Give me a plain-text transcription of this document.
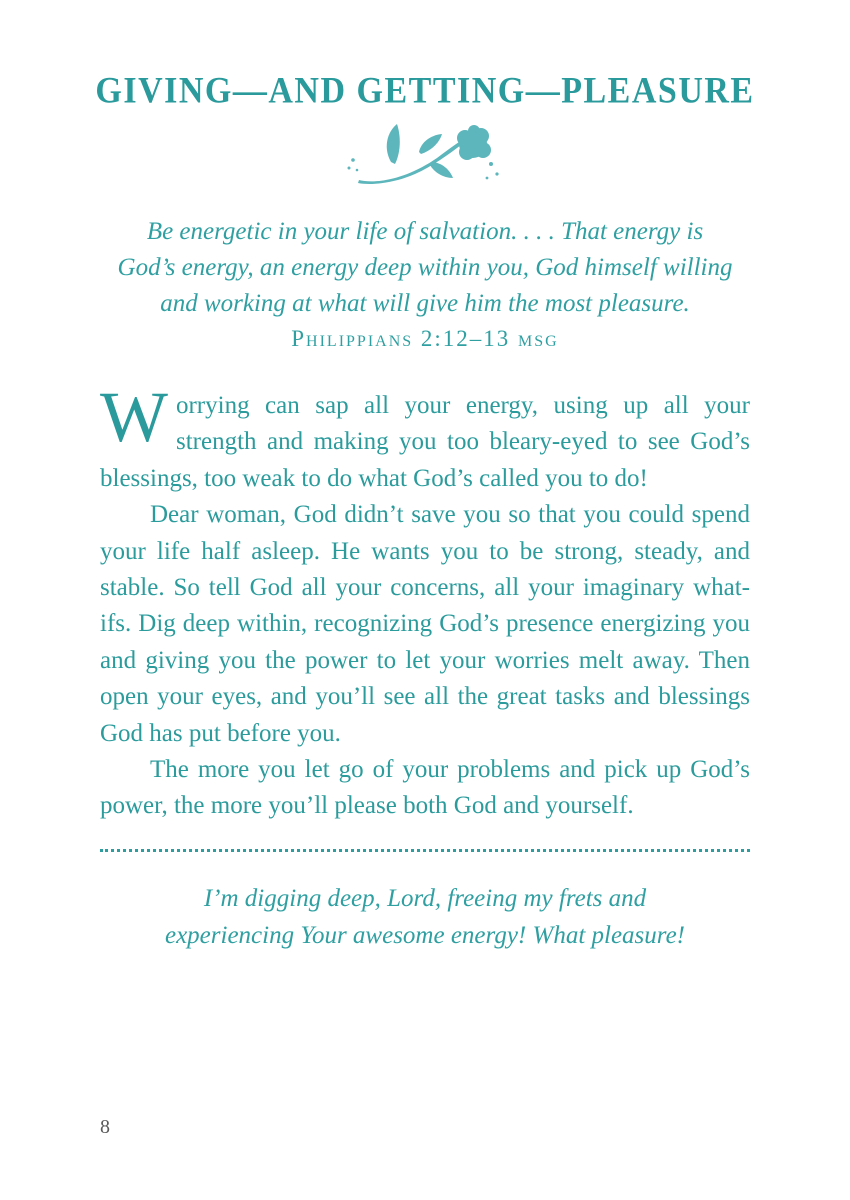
GIVING—AND GETTING—PLEASURE
Be energetic in your life of salvation. . . . That energy is
God’s energy, an energy deep within you, God himself willing
and working at what will give him the most pleasure.
Philippians 2:12–13 msg

Worrying can sap all your energy, using up all your strength and making you too bleary-eyed to see God’s blessings, too weak to do what God’s called you to do!

Dear woman, God didn’t save you so that you could spend your life half asleep. He wants you to be strong, steady, and stable. So tell God all your concerns, all your imaginary what-ifs. Dig deep within, recognizing God’s presence energizing you and giving you the power to let your worries melt away. Then open your eyes, and you’ll see all the great tasks and blessings God has put before you.

The more you let go of your problems and pick up God’s power, the more you’ll please both God and yourself.

I’m digging deep, Lord, freeing my frets and
experiencing Your awesome energy! What pleasure!
8
